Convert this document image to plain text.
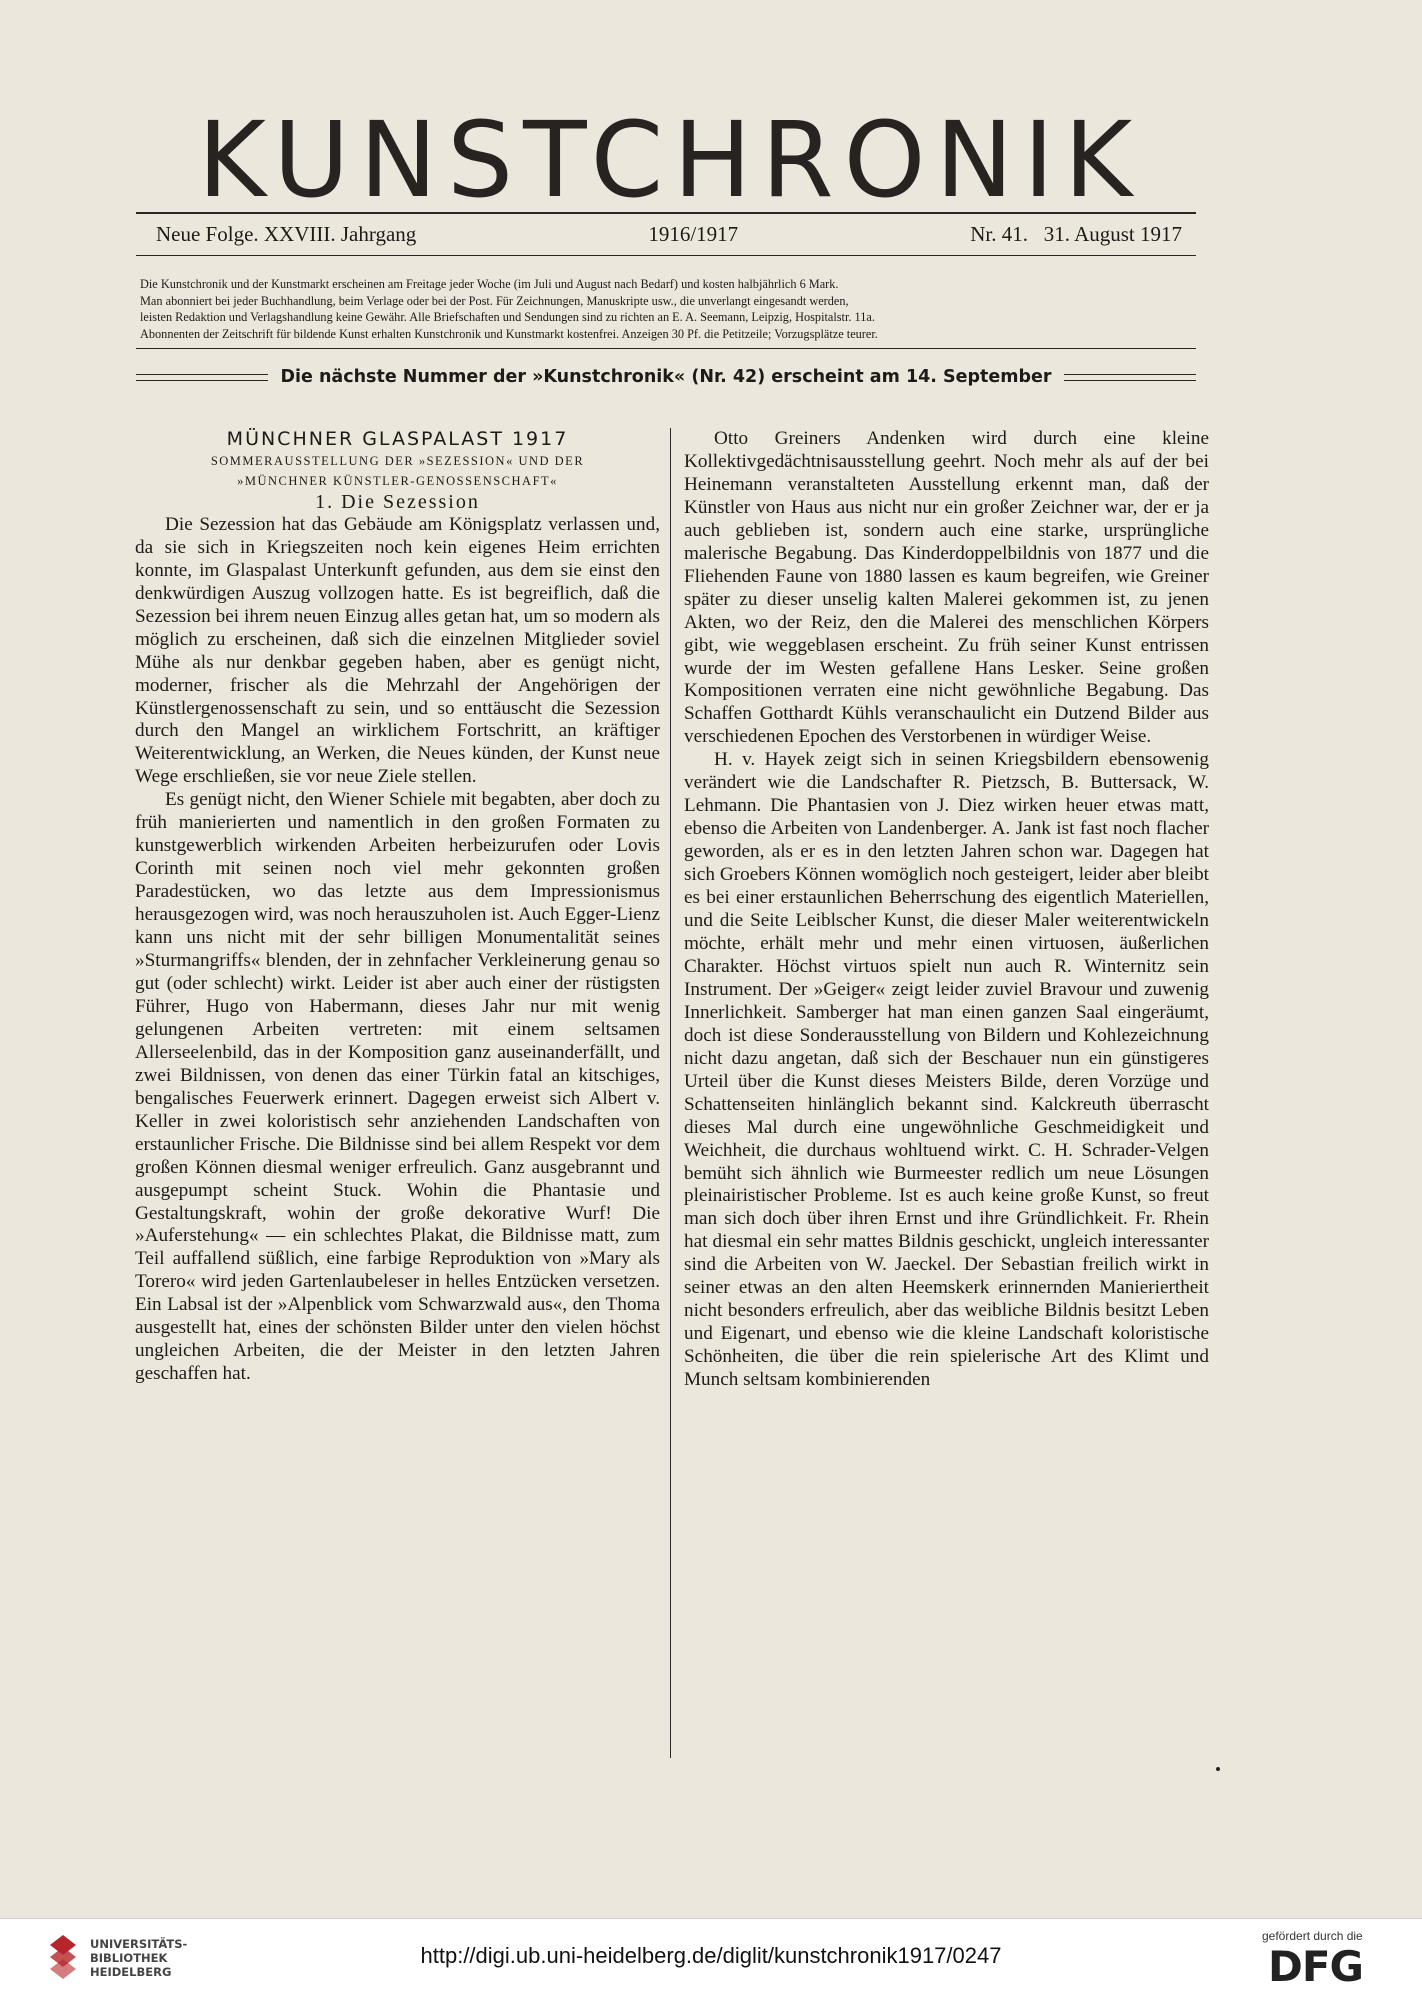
KUNSTCHRONIK
Neue Folge. XXVIII. Jahrgang	1916/1917	Nr. 41.   31. August 1917

Die Kunstchronik und der Kunstmarkt erscheinen am Freitage jeder Woche (im Juli und August nach Bedarf) und kosten halbjährlich 6 Mark.

Man abonniert bei jeder Buchhandlung, beim Verlage oder bei der Post. Für Zeichnungen, Manuskripte usw., die unverlangt eingesandt werden,

leisten Redaktion und Verlagshandlung keine Gewähr. Alle Briefschaften und Sendungen sind zu richten an E. A. Seemann, Leipzig, Hospitalstr. 11a.

Abonnenten der Zeitschrift für bildende Kunst erhalten Kunstchronik und Kunstmarkt kostenfrei. Anzeigen 30 Pf. die Petitzeile; Vorzugsplätze teurer.

Die nächste Nummer der »Kunstchronik« (Nr. 42) erscheint am 14. September

MÜNCHNER GLASPALAST 1917

SOMMERAUSSTELLUNG DER »SEZESSION« UND DER
»MÜNCHNER KÜNSTLER-GENOSSENSCHAFT«

1. Die Sezession

Die Sezession hat das Gebäude am Königsplatz verlassen und, da sie sich in Kriegszeiten noch kein eigenes Heim errichten konnte, im Glaspalast Unterkunft gefunden, aus dem sie einst den denkwürdigen Auszug vollzogen hatte. Es ist begreiflich, daß die Sezession bei ihrem neuen Einzug alles getan hat, um so modern als möglich zu erscheinen, daß sich die einzelnen Mitglieder soviel Mühe als nur denkbar gegeben haben, aber es genügt nicht, moderner, frischer als die Mehrzahl der Angehörigen der Künstlergenossenschaft zu sein, und so enttäuscht die Sezession durch den Mangel an wirklichem Fortschritt, an kräftiger Weiterentwicklung, an Werken, die Neues künden, der Kunst neue Wege erschließen, sie vor neue Ziele stellen.

Es genügt nicht, den Wiener Schiele mit begabten, aber doch zu früh manierierten und namentlich in den großen Formaten zu kunstgewerblich wirkenden Arbeiten herbeizurufen oder Lovis Corinth mit seinen noch viel mehr gekonnten großen Paradestücken, wo das letzte aus dem Impressionismus herausgezogen wird, was noch herauszuholen ist. Auch Egger-Lienz kann uns nicht mit der sehr billigen Monumentalität seines »Sturmangriffs« blenden, der in zehnfacher Verkleinerung genau so gut (oder schlecht) wirkt. Leider ist aber auch einer der rüstigsten Führer, Hugo von Habermann, dieses Jahr nur mit wenig gelungenen Arbeiten vertreten: mit einem seltsamen Allerseelenbild, das in der Komposition ganz auseinanderfällt, und zwei Bildnissen, von denen das einer Türkin fatal an kitschiges, bengalisches Feuerwerk erinnert. Dagegen erweist sich Albert v. Keller in zwei koloristisch sehr anziehenden Landschaften von erstaunlicher Frische. Die Bildnisse sind bei allem Respekt vor dem großen Können diesmal weniger erfreulich. Ganz ausgebrannt und ausgepumpt scheint Stuck. Wohin die Phantasie und Gestaltungskraft, wohin der große dekorative Wurf! Die »Auferstehung« — ein schlechtes Plakat, die Bildnisse matt, zum Teil auffallend süßlich, eine farbige Reproduktion von »Mary als Torero« wird jeden Gartenlaubeleser in helles Entzücken versetzen. Ein Labsal ist der »Alpenblick vom Schwarzwald aus«, den Thoma ausgestellt hat, eines der schönsten Bilder unter den vielen höchst ungleichen Arbeiten, die der Meister in den letzten Jahren geschaffen hat.

Otto Greiners Andenken wird durch eine kleine Kollektivgedächtnisausstellung geehrt. Noch mehr als auf der bei Heinemann veranstalteten Ausstellung erkennt man, daß der Künstler von Haus aus nicht nur ein großer Zeichner war, der er ja auch geblieben ist, sondern auch eine starke, ursprüngliche malerische Begabung. Das Kinderdoppelbildnis von 1877 und die Fliehenden Faune von 1880 lassen es kaum begreifen, wie Greiner später zu dieser unselig kalten Malerei gekommen ist, zu jenen Akten, wo der Reiz, den die Malerei des menschlichen Körpers gibt, wie weggeblasen erscheint. Zu früh seiner Kunst entrissen wurde der im Westen gefallene Hans Lesker. Seine großen Kompositionen verraten eine nicht gewöhnliche Begabung. Das Schaffen Gotthardt Kühls veranschaulicht ein Dutzend Bilder aus verschiedenen Epochen des Verstorbenen in würdiger Weise.

H. v. Hayek zeigt sich in seinen Kriegsbildern ebensowenig verändert wie die Landschafter R. Pietzsch, B. Buttersack, W. Lehmann. Die Phantasien von J. Diez wirken heuer etwas matt, ebenso die Arbeiten von Landenberger. A. Jank ist fast noch flacher geworden, als er es in den letzten Jahren schon war. Dagegen hat sich Groebers Können womöglich noch gesteigert, leider aber bleibt es bei einer erstaunlichen Beherrschung des eigentlich Materiellen, und die Seite Leiblscher Kunst, die dieser Maler weiterentwickeln möchte, erhält mehr und mehr einen virtuosen, äußerlichen Charakter. Höchst virtuos spielt nun auch R. Winternitz sein Instrument. Der »Geiger« zeigt leider zuviel Bravour und zuwenig Innerlichkeit. Samberger hat man einen ganzen Saal eingeräumt, doch ist diese Sonderausstellung von Bildern und Kohlezeichnung nicht dazu angetan, daß sich der Beschauer nun ein günstigeres Urteil über die Kunst dieses Meisters Bilde, deren Vorzüge und Schattenseiten hinlänglich bekannt sind. Kalckreuth überrascht dieses Mal durch eine ungewöhnliche Geschmeidigkeit und Weichheit, die durchaus wohltuend wirkt. C. H. Schrader-Velgen bemüht sich ähnlich wie Burmeester redlich um neue Lösungen pleinairistischer Probleme. Ist es auch keine große Kunst, so freut man sich doch über ihren Ernst und ihre Gründlichkeit. Fr. Rhein hat diesmal ein sehr mattes Bildnis geschickt, ungleich interessanter sind die Arbeiten von W. Jaeckel. Der Sebastian freilich wirkt in seiner etwas an den alten Heemskerk erinnernden Manieriertheit nicht besonders erfreulich, aber das weibliche Bildnis besitzt Leben und Eigenart, und ebenso wie die kleine Landschaft koloristische Schönheiten, die über die rein spielerische Art des Klimt und Munch seltsam kombinierenden

UNIVERSITÄTS-
BIBLIOTHEK
HEIDELBERG
http://digi.ub.uni-heidelberg.de/diglit/kunstchronik1917/0247
gefördert durch die
DFG
